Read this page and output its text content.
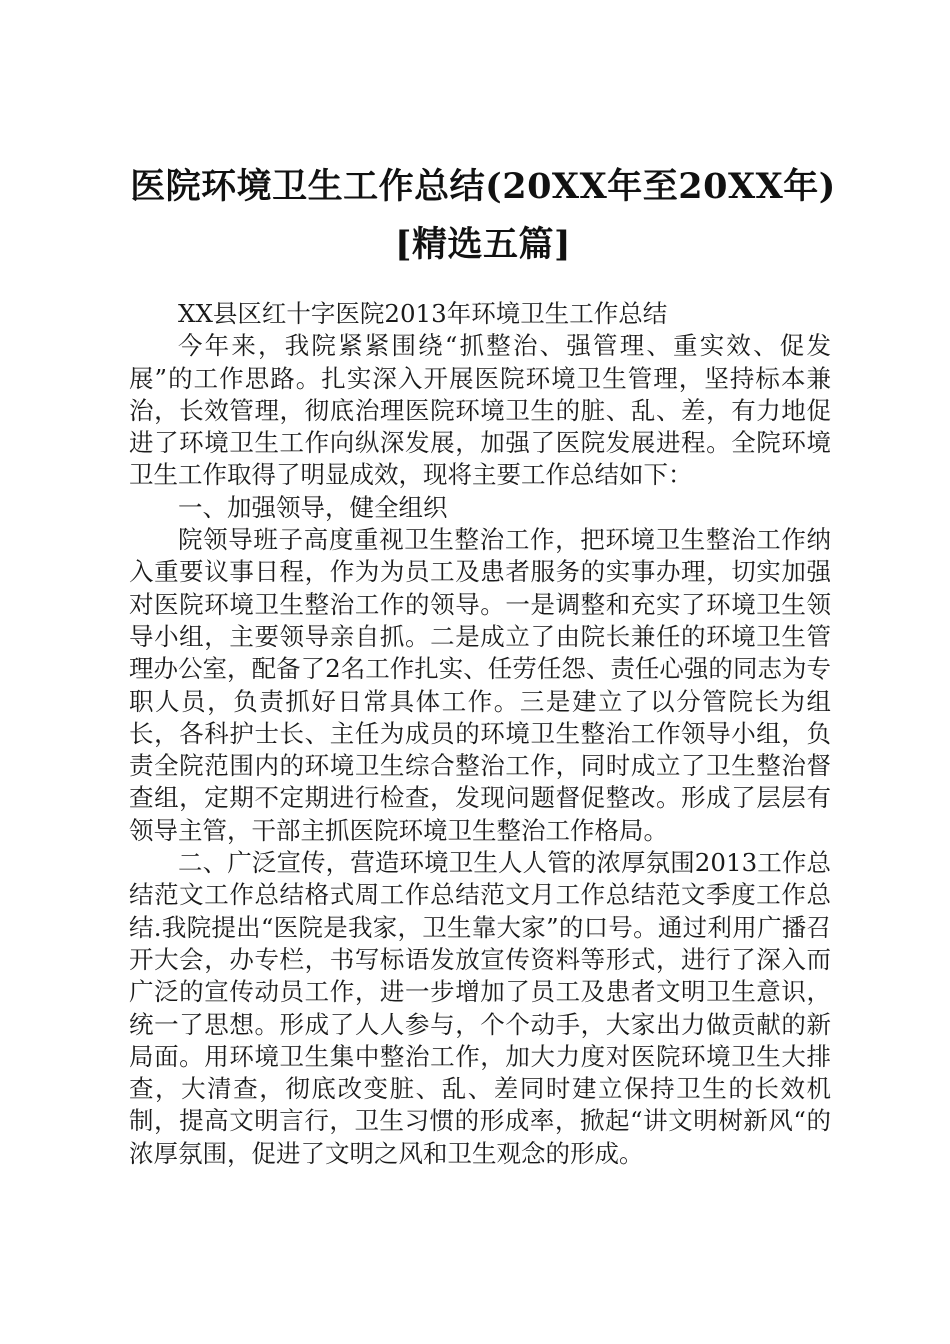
医院环境卫生工作总结(20XX年至20XX年)[精选五篇]

XX县区红十字医院2013年环境卫生工作总结

今年来，我院紧紧围绕“抓整治、强管理、重实效、促发展”的工作思路。扎实深入开展医院环境卫生管理，坚持标本兼治，长效管理，彻底治理医院环境卫生的脏、乱、差，有力地促进了环境卫生工作向纵深发展，加强了医院发展进程。全院环境卫生工作取得了明显成效，现将主要工作总结如下：

一、加强领导，健全组织

院领导班子高度重视卫生整治工作，把环境卫生整治工作纳入重要议事日程，作为为员工及患者服务的实事办理，切实加强对医院环境卫生整治工作的领导。一是调整和充实了环境卫生领导小组，主要领导亲自抓。二是成立了由院长兼任的环境卫生管理办公室，配备了2名工作扎实、任劳任怨、责任心强的同志为专职人员，负责抓好日常具体工作。三是建立了以分管院长为组长，各科护士长、主任为成员的环境卫生整治工作领导小组，负责全院范围内的环境卫生综合整治工作，同时成立了卫生整治督查组，定期不定期进行检查，发现问题督促整改。形成了层层有领导主管，干部主抓医院环境卫生整治工作格局。

二、广泛宣传，营造环境卫生人人管的浓厚氛围2013工作总结范文工作总结格式周工作总结范文月工作总结范文季度工作总结.我院提出“医院是我家，卫生靠大家”的口号。通过利用广播召开大会，办专栏，书写标语发放宣传资料等形式，进行了深入而广泛的宣传动员工作，进一步增加了员工及患者文明卫生意识，统一了思想。形成了人人参与，个个动手，大家出力做贡献的新局面。用环境卫生集中整治工作，加大力度对医院环境卫生大排查，大清查，彻底改变脏、乱、差同时建立保持卫生的长效机制，提高文明言行，卫生习惯的形成率，掀起“讲文明树新风“的浓厚氛围，促进了文明之风和卫生观念的形成。
